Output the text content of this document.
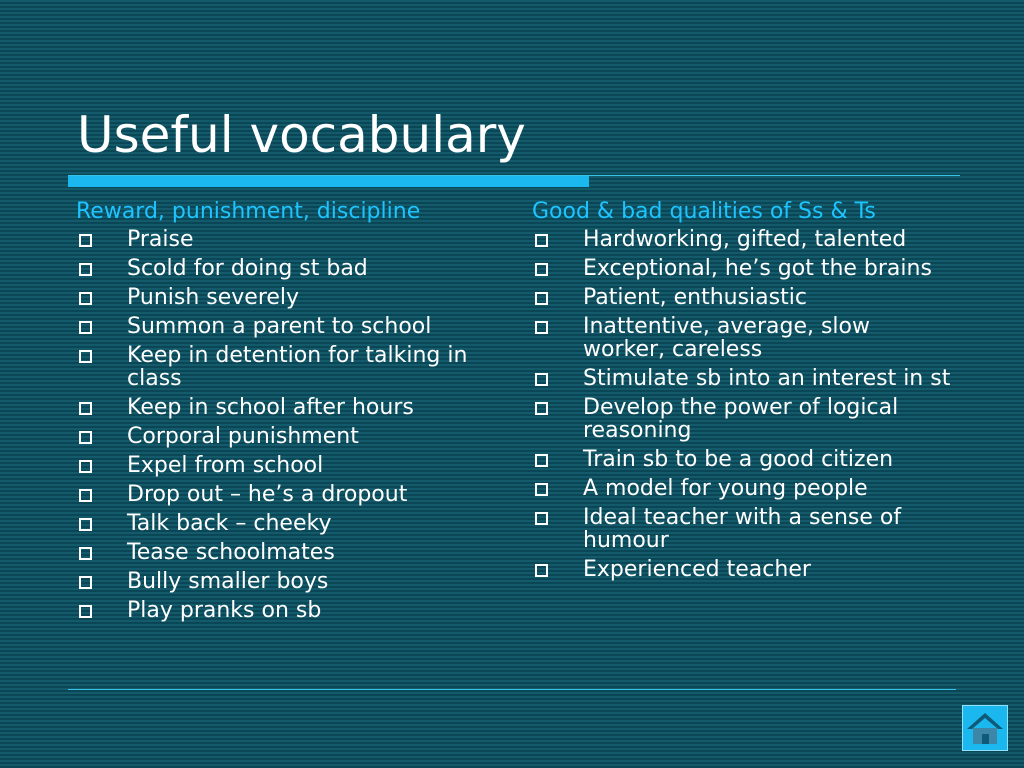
Useful vocabulary
Reward, punishment, discipline
Praise
Scold for doing st bad
Punish severely
Summon a parent to school
Keep in detention for talking in class
Keep in school after hours
Corporal punishment
Expel from school
Drop out – he’s a dropout
Talk back – cheeky
Tease schoolmates
Bully smaller boys
Play pranks on sb
Good & bad qualities of Ss & Ts
Hardworking, gifted, talented
Exceptional, he’s got the brains
Patient, enthusiastic
Inattentive, average, slow worker, careless
Stimulate sb into an interest in st
Develop the power of logical reasoning
Train sb to be a good citizen
A model for young people
Ideal teacher with a sense of humour
Experienced teacher
